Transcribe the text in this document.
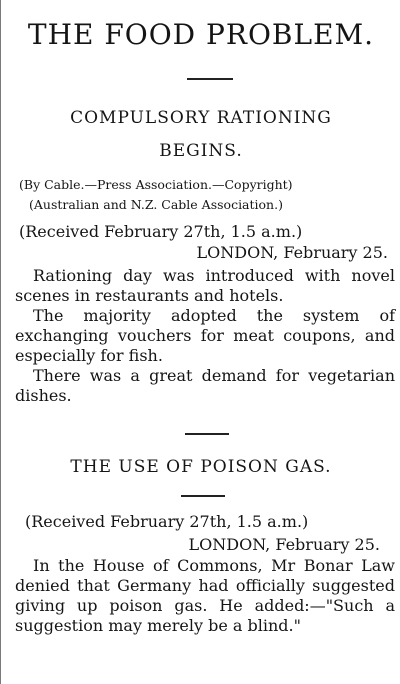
THE FOOD PROBLEM.
COMPULSORY RATIONING
BEGINS.
(By Cable.—Press Association.—Copyright)
(Australian and N.Z. Cable Association.)
(Received February 27th, 1.5 a.m.)
LONDON, February 25.

Rationing day was introduced with novel scenes in restaurants and hotels.

The majority adopted the system of exchanging vouchers for meat coupons, and especially for fish.

There was a great demand for vegetarian dishes.

THE USE OF POISON GAS.
(Received February 27th, 1.5 a.m.)
LONDON, February 25.

In the House of Commons, Mr Bonar Law denied that Germany had officially suggested giving up poison gas. He added:—"Such a suggestion may merely be a blind."
